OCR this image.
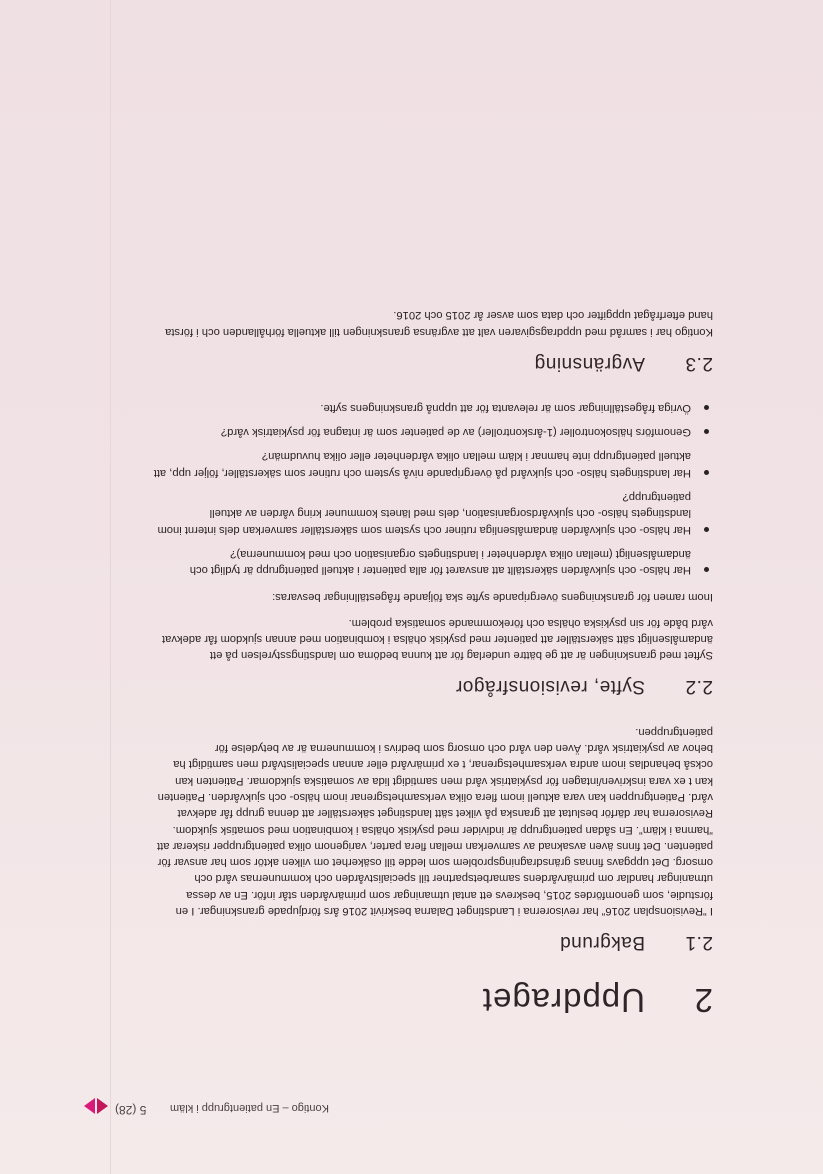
Kontigo – En patientgrupp i kläm
5 (28)
2Uppdraget
2.1Bakgrund

I ”Revisionsplan 2016” har revisorerna i Landstinget Dalarna beskrivit 2016 års fördjupade granskningar. I en förstudie, som genomfördes 2015, beskrevs ett antal utmaningar som primärvården står inför. En av dessa utmaningar handlar om primärvårdens samarbetspartner till specialistvården och kommunernas vård och omsorg. Det uppgavs finnas gränsdragningsproblem som ledde till osäkerhet om vilken aktör som har ansvar för patienten. Det finns även avsaknad av samverkan mellan flera parter, varigenom olika patientgrupper riskerar att ”hamna i kläm”. En sådan patientgrupp är individer med psykisk ohälsa i kombination med somatisk sjukdom. Revisorerna har därför beslutat att granska på vilket sätt landstinget säkerställer att denna grupp får adekvat vård. Patientgruppen kan vara aktuell inom flera olika verksamhetsgrenar inom hälso- och sjukvården. Patienten kan t ex vara inskriven/intagen för psykiatrisk vård men samtidigt lida av somatiska sjukdomar. Patienten kan också behandlas inom andra verksamhetsgrenar, t ex primärvård eller annan specialistvård men samtidigt ha behov av psykiatrisk vård. Även den vård och omsorg som bedrivs i kommunerna är av betydelse för patientgruppen.

2.2Syfte, revisionsfrågor

Syftet med granskningen är att ge bättre underlag för att kunna bedöma om landstingsstyrelsen på ett ändamålsenligt sätt säkerställer att patienter med psykisk ohälsa i kombination med annan sjukdom får adekvat vård både för sin psykiska ohälsa och förekommande somatiska problem.

Inom ramen för granskningens övergripande syfte ska följande frågeställningar besvaras:

Har hälso- och sjukvården säkerställt att ansvaret för alla patienter i aktuell patientgrupp är tydligt och ändamålsenligt (mellan olika vårdenheter i landstingets organisation och med kommunerna)?
Har hälso- och sjukvården ändamålsenliga rutiner och system som säkerställer samverkan dels internt inom landstingets hälso- och sjukvårdsorganisation, dels med länets kommuner kring vården av aktuell patientgrupp?
Har landstingets hälso- och sjukvård på övergripande nivå system och rutiner som säkerställer, följer upp, att aktuell patientgrupp inte hamnar i kläm mellan olika vårdenheter eller olika huvudmän?
Genomförs hälsokontroller (1-årskontroller) av de patienter som är intagna för psykiatrisk vård?
Övriga frågeställningar som är relevanta för att uppnå granskningens syfte.
2.3Avgränsning

Kontigo har i samråd med uppdragsgivaren valt att avgränsa granskningen till aktuella förhållanden och i första hand efterfrågat uppgifter och data som avser år 2015 och 2016.
